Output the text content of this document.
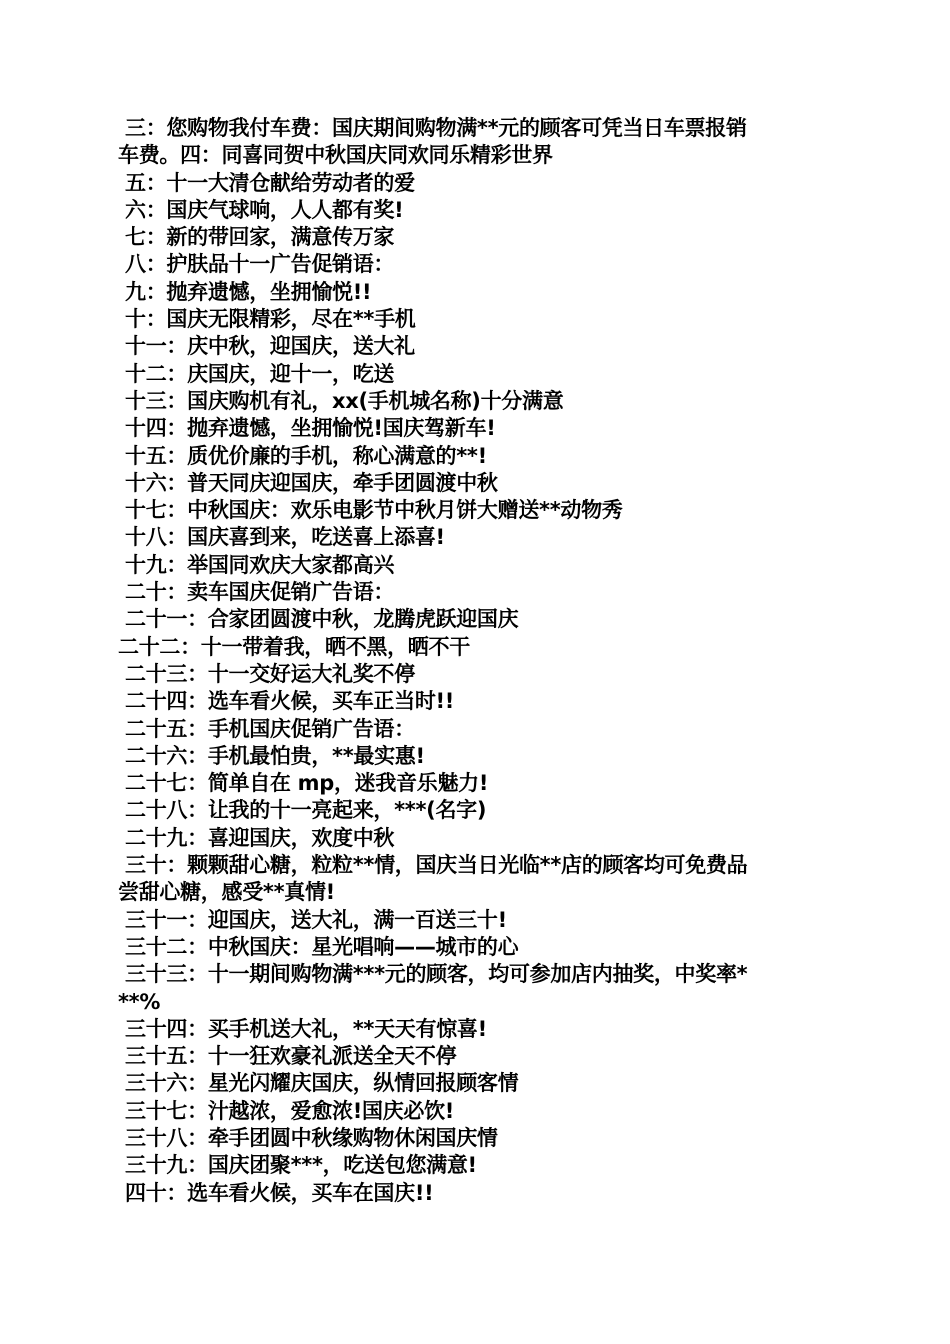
三：您购物我付车费：国庆期间购物满**元的顾客可凭当日车票报销
车费。四：同喜同贺中秋国庆同欢同乐精彩世界
五：十一大清仓献给劳动者的爱
六：国庆气球响，人人都有奖!
七：新的带回家，满意传万家
八：护肤品十一广告促销语：
九：抛弃遗憾，坐拥愉悦!!
十：国庆无限精彩，尽在**手机
十一：庆中秋，迎国庆，送大礼
十二：庆国庆，迎十一，吃送
十三：国庆购机有礼，xx(手机城名称)十分满意
十四：抛弃遗憾，坐拥愉悦!国庆驾新车!
十五：质优价廉的手机，称心满意的**!
十六：普天同庆迎国庆，牵手团圆渡中秋
十七：中秋国庆：欢乐电影节中秋月饼大赠送**动物秀
十八：国庆喜到来，吃送喜上添喜!
十九：举国同欢庆大家都高兴
二十：卖车国庆促销广告语：
二十一：合家团圆渡中秋，龙腾虎跃迎国庆
二十二：十一带着我，晒不黑，晒不干
二十三：十一交好运大礼奖不停
二十四：选车看火候，买车正当时!!
二十五：手机国庆促销广告语：
二十六：手机最怕贵，**最实惠!
二十七：简单自在 mp，迷我音乐魅力!
二十八：让我的十一亮起来，***(名字)
二十九：喜迎国庆，欢度中秋
三十：颗颗甜心糖，粒粒**情，国庆当日光临**店的顾客均可免费品
尝甜心糖，感受**真情!
三十一：迎国庆，送大礼，满一百送三十!
三十二：中秋国庆：星光唱响——城市的心
三十三：十一期间购物满***元的顾客，均可参加店内抽奖，中奖率*
**%
三十四：买手机送大礼，**天天有惊喜!
三十五：十一狂欢豪礼派送全天不停
三十六：星光闪耀庆国庆，纵情回报顾客情
三十七：汁越浓，爱愈浓!国庆必饮!
三十八：牵手团圆中秋缘购物休闲国庆情
三十九：国庆团聚***，吃送包您满意!
四十：选车看火候，买车在国庆!!
